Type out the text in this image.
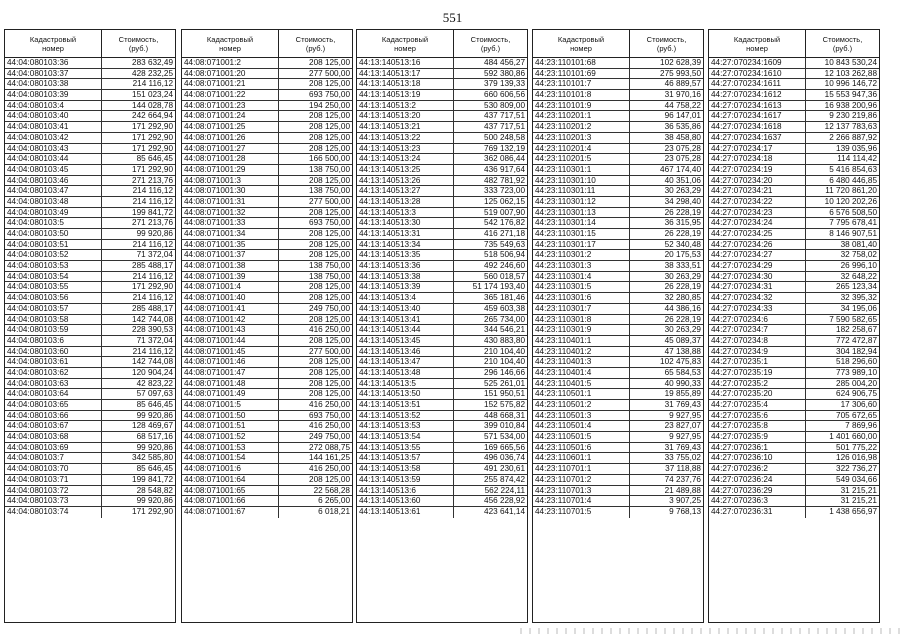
551
Кадастровый
номер
Стоимость,
(руб.)
44:04:080103:36	283 632,49
44:04:080103:37	428 232,25
44:04:080103:38	214 116,12
44:04:080103:39	151 023,24
44:04:080103:4	144 028,78
44:04:080103:40	242 664,94
44:04:080103:41	171 292,90
44:04:080103:42	171 292,90
44:04:080103:43	171 292,90
44:04:080103:44	85 646,45
44:04:080103:45	171 292,90
44:04:080103:46	271 213,76
44:04:080103:47	214 116,12
44:04:080103:48	214 116,12
44:04:080103:49	199 841,72
44:04:080103:5	271 213,76
44:04:080103:50	99 920,86
44:04:080103:51	214 116,12
44:04:080103:52	71 372,04
44:04:080103:53	285 488,17
44:04:080103:54	214 116,12
44:04:080103:55	171 292,90
44:04:080103:56	214 116,12
44:04:080103:57	285 488,17
44:04:080103:58	142 744,08
44:04:080103:59	228 390,53
44:04:080103:6	71 372,04
44:04:080103:60	214 116,12
44:04:080103:61	142 744,08
44:04:080103:62	120 904,24
44:04:080103:63	42 823,22
44:04:080103:64	57 097,63
44:04:080103:65	85 646,45
44:04:080103:66	99 920,86
44:04:080103:67	128 469,67
44:04:080103:68	68 517,16
44:04:080103:69	99 920,86
44:04:080103:7	342 585,80
44:04:080103:70	85 646,45
44:04:080103:71	199 841,72
44:04:080103:72	28 548,82
44:04:080103:73	99 920,86
44:04:080103:74	171 292,90
Кадастровый
номер
Стоимость,
(руб.)
44:08:071001:2	208 125,00
44:08:071001:20	277 500,00
44:08:071001:21	208 125,00
44:08:071001:22	693 750,00
44:08:071001:23	194 250,00
44:08:071001:24	208 125,00
44:08:071001:25	208 125,00
44:08:071001:26	208 125,00
44:08:071001:27	208 125,00
44:08:071001:28	166 500,00
44:08:071001:29	138 750,00
44:08:071001:3	208 125,00
44:08:071001:30	138 750,00
44:08:071001:31	277 500,00
44:08:071001:32	208 125,00
44:08:071001:33	693 750,00
44:08:071001:34	208 125,00
44:08:071001:35	208 125,00
44:08:071001:37	208 125,00
44:08:071001:38	138 750,00
44:08:071001:39	138 750,00
44:08:071001:4	208 125,00
44:08:071001:40	208 125,00
44:08:071001:41	249 750,00
44:08:071001:42	208 125,00
44:08:071001:43	416 250,00
44:08:071001:44	208 125,00
44:08:071001:45	277 500,00
44:08:071001:46	208 125,00
44:08:071001:47	208 125,00
44:08:071001:48	208 125,00
44:08:071001:49	208 125,00
44:08:071001:5	416 250,00
44:08:071001:50	693 750,00
44:08:071001:51	416 250,00
44:08:071001:52	249 750,00
44:08:071001:53	272 088,75
44:08:071001:54	144 161,25
44:08:071001:6	416 250,00
44:08:071001:64	208 125,00
44:08:071001:65	22 568,28
44:08:071001:66	6 265,00
44:08:071001:67	6 018,21
Кадастровый
номер
Стоимость,
(руб.)
44:13:140513:16	484 456,27
44:13:140513:17	592 380,86
44:13:140513:18	379 139,33
44:13:140513:19	660 606,56
44:13:140513:2	530 809,00
44:13:140513:20	437 717,51
44:13:140513:21	437 717,51
44:13:140513:22	500 248,58
44:13:140513:23	769 132,19
44:13:140513:24	362 086,44
44:13:140513:25	436 917,64
44:13:140513:26	482 781,92
44:13:140513:27	333 723,00
44:13:140513:28	125 062,15
44:13:140513:3	519 007,90
44:13:140513:30	542 176,82
44:13:140513:31	416 271,18
44:13:140513:34	735 549,63
44:13:140513:35	518 506,94
44:13:140513:36	492 246,60
44:13:140513:38	560 018,57
44:13:140513:39	51 174 193,40
44:13:140513:4	365 181,46
44:13:140513:40	459 603,38
44:13:140513:41	265 734,00
44:13:140513:44	344 546,21
44:13:140513:45	430 883,80
44:13:140513:46	210 104,40
44:13:140513:47	210 104,40
44:13:140513:48	296 146,66
44:13:140513:5	525 261,01
44:13:140513:50	151 950,51
44:13:140513:51	152 575,82
44:13:140513:52	448 668,31
44:13:140513:53	399 010,84
44:13:140513:54	571 534,00
44:13:140513:55	169 665,56
44:13:140513:57	496 036,74
44:13:140513:58	491 230,61
44:13:140513:59	255 874,42
44:13:140513:6	562 224,11
44:13:140513:60	456 228,92
44:13:140513:61	423 641,14
Кадастровый
номер
Стоимость,
(руб.)
44:23:110101:68	102 628,39
44:23:110101:69	275 993,50
44:23:110101:7	46 889,57
44:23:110101:8	31 970,16
44:23:110101:9	44 758,22
44:23:110201:1	96 147,01
44:23:110201:2	36 535,86
44:23:110201:3	38 458,80
44:23:110201:4	23 075,28
44:23:110201:5	23 075,28
44:23:110301:1	467 174,40
44:23:110301:10	40 351,06
44:23:110301:11	30 263,29
44:23:110301:12	34 298,40
44:23:110301:13	26 228,19
44:23:110301:14	36 315,95
44:23:110301:15	26 228,19
44:23:110301:17	52 340,48
44:23:110301:2	20 175,53
44:23:110301:3	38 333,51
44:23:110301:4	30 263,29
44:23:110301:5	26 228,19
44:23:110301:6	32 280,85
44:23:110301:7	44 386,16
44:23:110301:8	26 228,19
44:23:110301:9	30 263,29
44:23:110401:1	45 089,37
44:23:110401:2	47 138,88
44:23:110401:3	102 475,83
44:23:110401:4	65 584,53
44:23:110401:5	40 990,33
44:23:110501:1	19 855,89
44:23:110501:2	31 769,43
44:23:110501:3	9 927,95
44:23:110501:4	23 827,07
44:23:110501:5	9 927,95
44:23:110501:6	31 769,43
44:23:110601:1	33 755,02
44:23:110701:1	37 118,88
44:23:110701:2	74 237,76
44:23:110701:3	21 489,88
44:23:110701:4	3 907,25
44:23:110701:5	9 768,13
Кадастровый
номер
Стоимость,
(руб.)
44:27:070234:1609	10 843 530,24
44:27:070234:1610	12 103 262,88
44:27:070234:1611	10 996 146,72
44:27:070234:1612	15 553 947,36
44:27:070234:1613	16 938 200,96
44:27:070234:1617	9 230 219,86
44:27:070234:1618	12 137 783,63
44:27:070234:1637	2 266 887,92
44:27:070234:17	139 035,96
44:27:070234:18	114 114,42
44:27:070234:19	5 416 854,63
44:27:070234:20	6 480 446,85
44:27:070234:21	11 720 861,20
44:27:070234:22	10 120 202,26
44:27:070234:23	6 576 508,50
44:27:070234:24	7 795 678,41
44:27:070234:25	8 146 907,51
44:27:070234:26	38 081,40
44:27:070234:27	32 758,02
44:27:070234:29	26 996,10
44:27:070234:30	32 648,22
44:27:070234:31	265 123,34
44:27:070234:32	32 395,32
44:27:070234:33	34 195,06
44:27:070234:6	7 590 582,65
44:27:070234:7	182 258,67
44:27:070234:8	772 472,87
44:27:070234:9	304 182,94
44:27:070235:1	518 296,60
44:27:070235:19	773 989,10
44:27:070235:2	285 004,20
44:27:070235:20	624 906,75
44:27:070235:4	17 306,60
44:27:070235:6	705 672,65
44:27:070235:8	7 869,96
44:27:070235:9	1 401 660,00
44:27:070236:1	501 775,22
44:27:070236:10	126 016,98
44:27:070236:2	322 736,27
44:27:070236:24	549 034,66
44:27:070236:29	31 215,21
44:27:070236:3	31 215,21
44:27:070236:31	1 438 656,97
